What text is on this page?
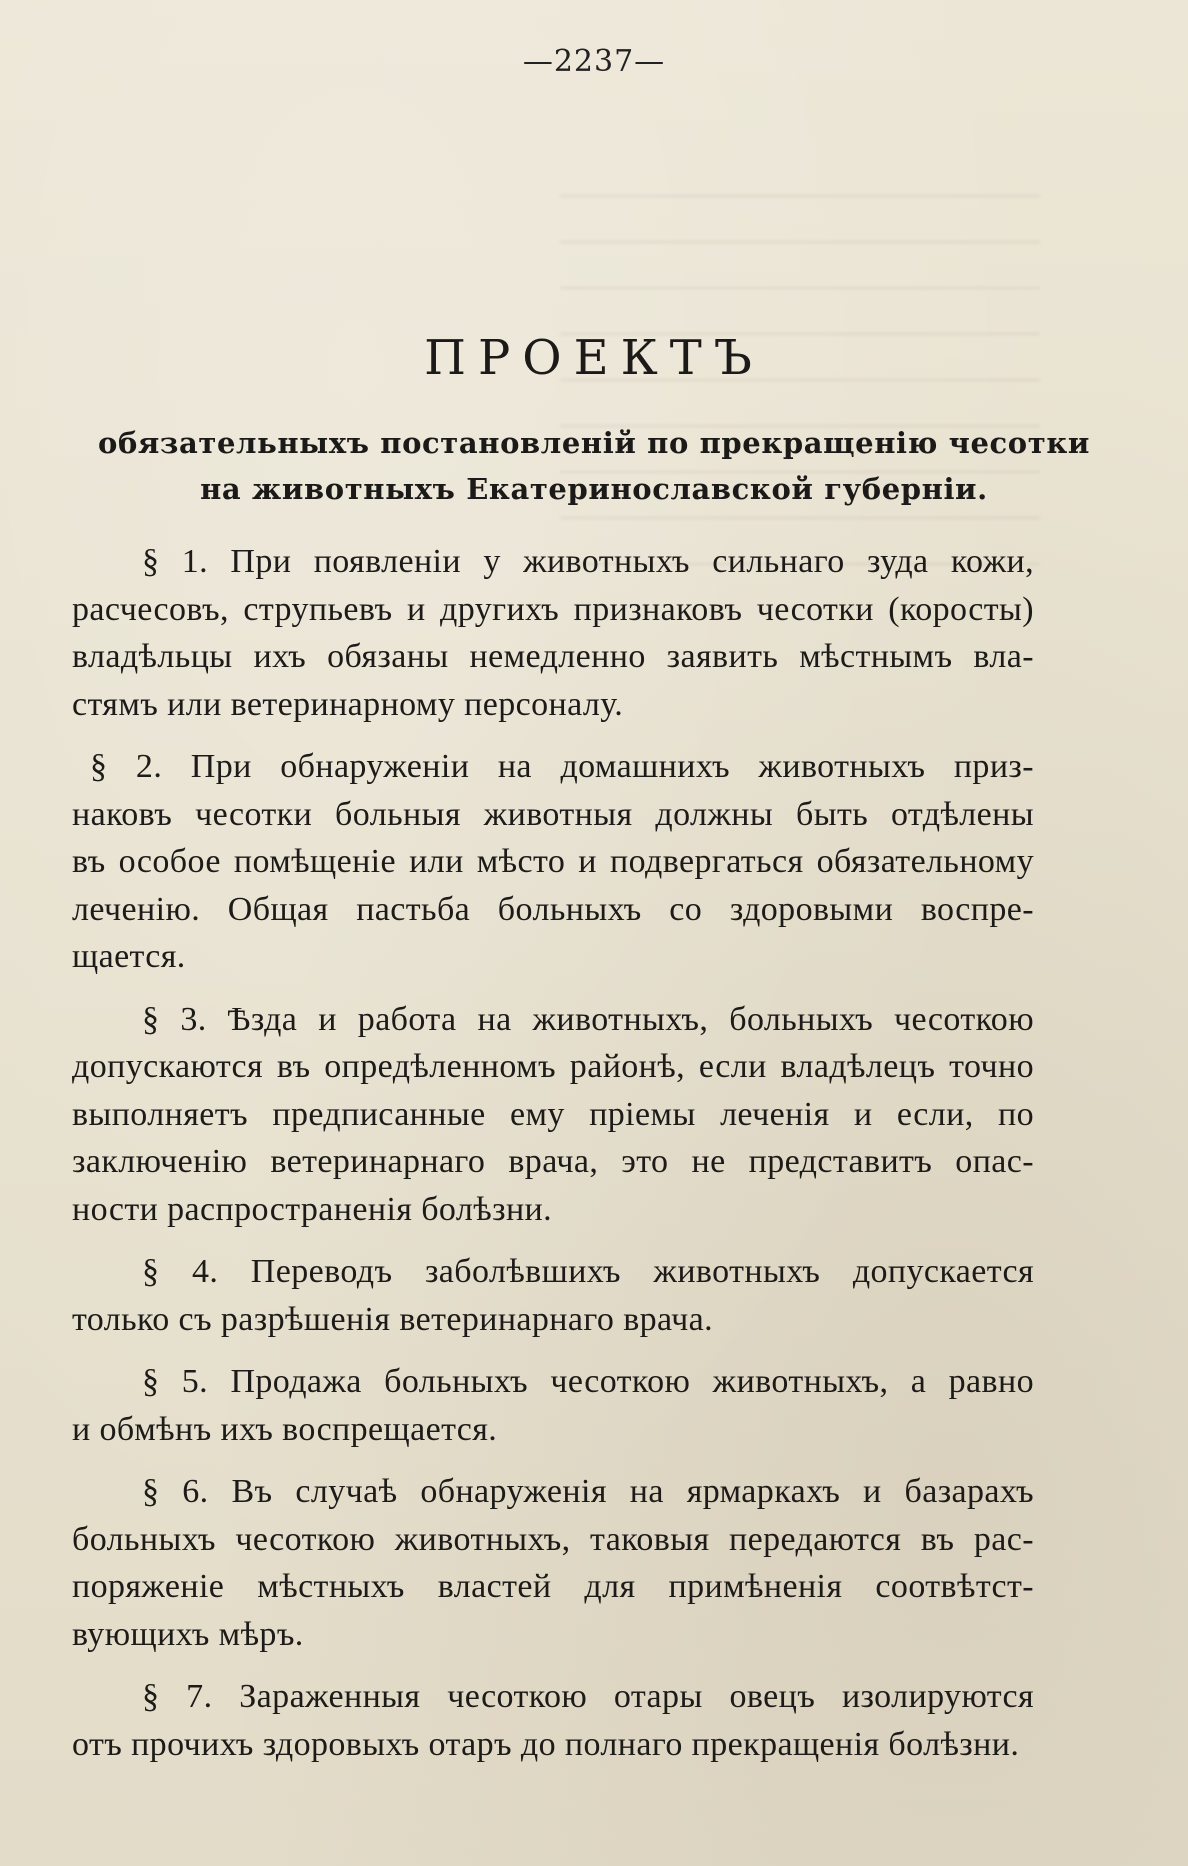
—2237—
ПРОЕКТЪ
обязательныхъ постановленій по прекращенію чесотки
на животныхъ Екатеринославской губерніи.
§ 1. При появленіи у животныхъ сильнаго зуда кожи,
расчесовъ, струпьевъ и другихъ признаковъ чесотки (коросты)
владѣльцы ихъ обязаны немедленно заявить мѣстнымъ вла-
стямъ или ветеринарному персоналу.
§ 2. При обнаруженіи на домашнихъ животныхъ приз-
наковъ чесотки больныя животныя должны быть отдѣлены
въ особое помѣщеніе или мѣсто и подвергаться обязательному
леченію. Общая пастьба больныхъ со здоровыми воспре-
щается.
§ 3. Ѣзда и работа на животныхъ, больныхъ чесоткою
допускаются въ опредѣленномъ районѣ, если владѣлецъ точно
выполняетъ предписанные ему пріемы леченія и если, по
заключенію ветеринарнаго врача, это не представитъ опас-
ности распространенія болѣзни.
§ 4. Переводъ заболѣвшихъ животныхъ допускается
только съ разрѣшенія ветеринарнаго врача.
§ 5. Продажа больныхъ чесоткою животныхъ, а равно
и обмѣнъ ихъ воспрещается.
§ 6. Въ случаѣ обнаруженія на ярмаркахъ и базарахъ
больныхъ чесоткою животныхъ, таковыя передаются въ рас-
поряженіе мѣстныхъ властей для примѣненія соотвѣтст-
вующихъ мѣръ.
§ 7. Зараженныя чесоткою отары овецъ изолируются
отъ прочихъ здоровыхъ отаръ до полнаго прекращенія болѣзни.
